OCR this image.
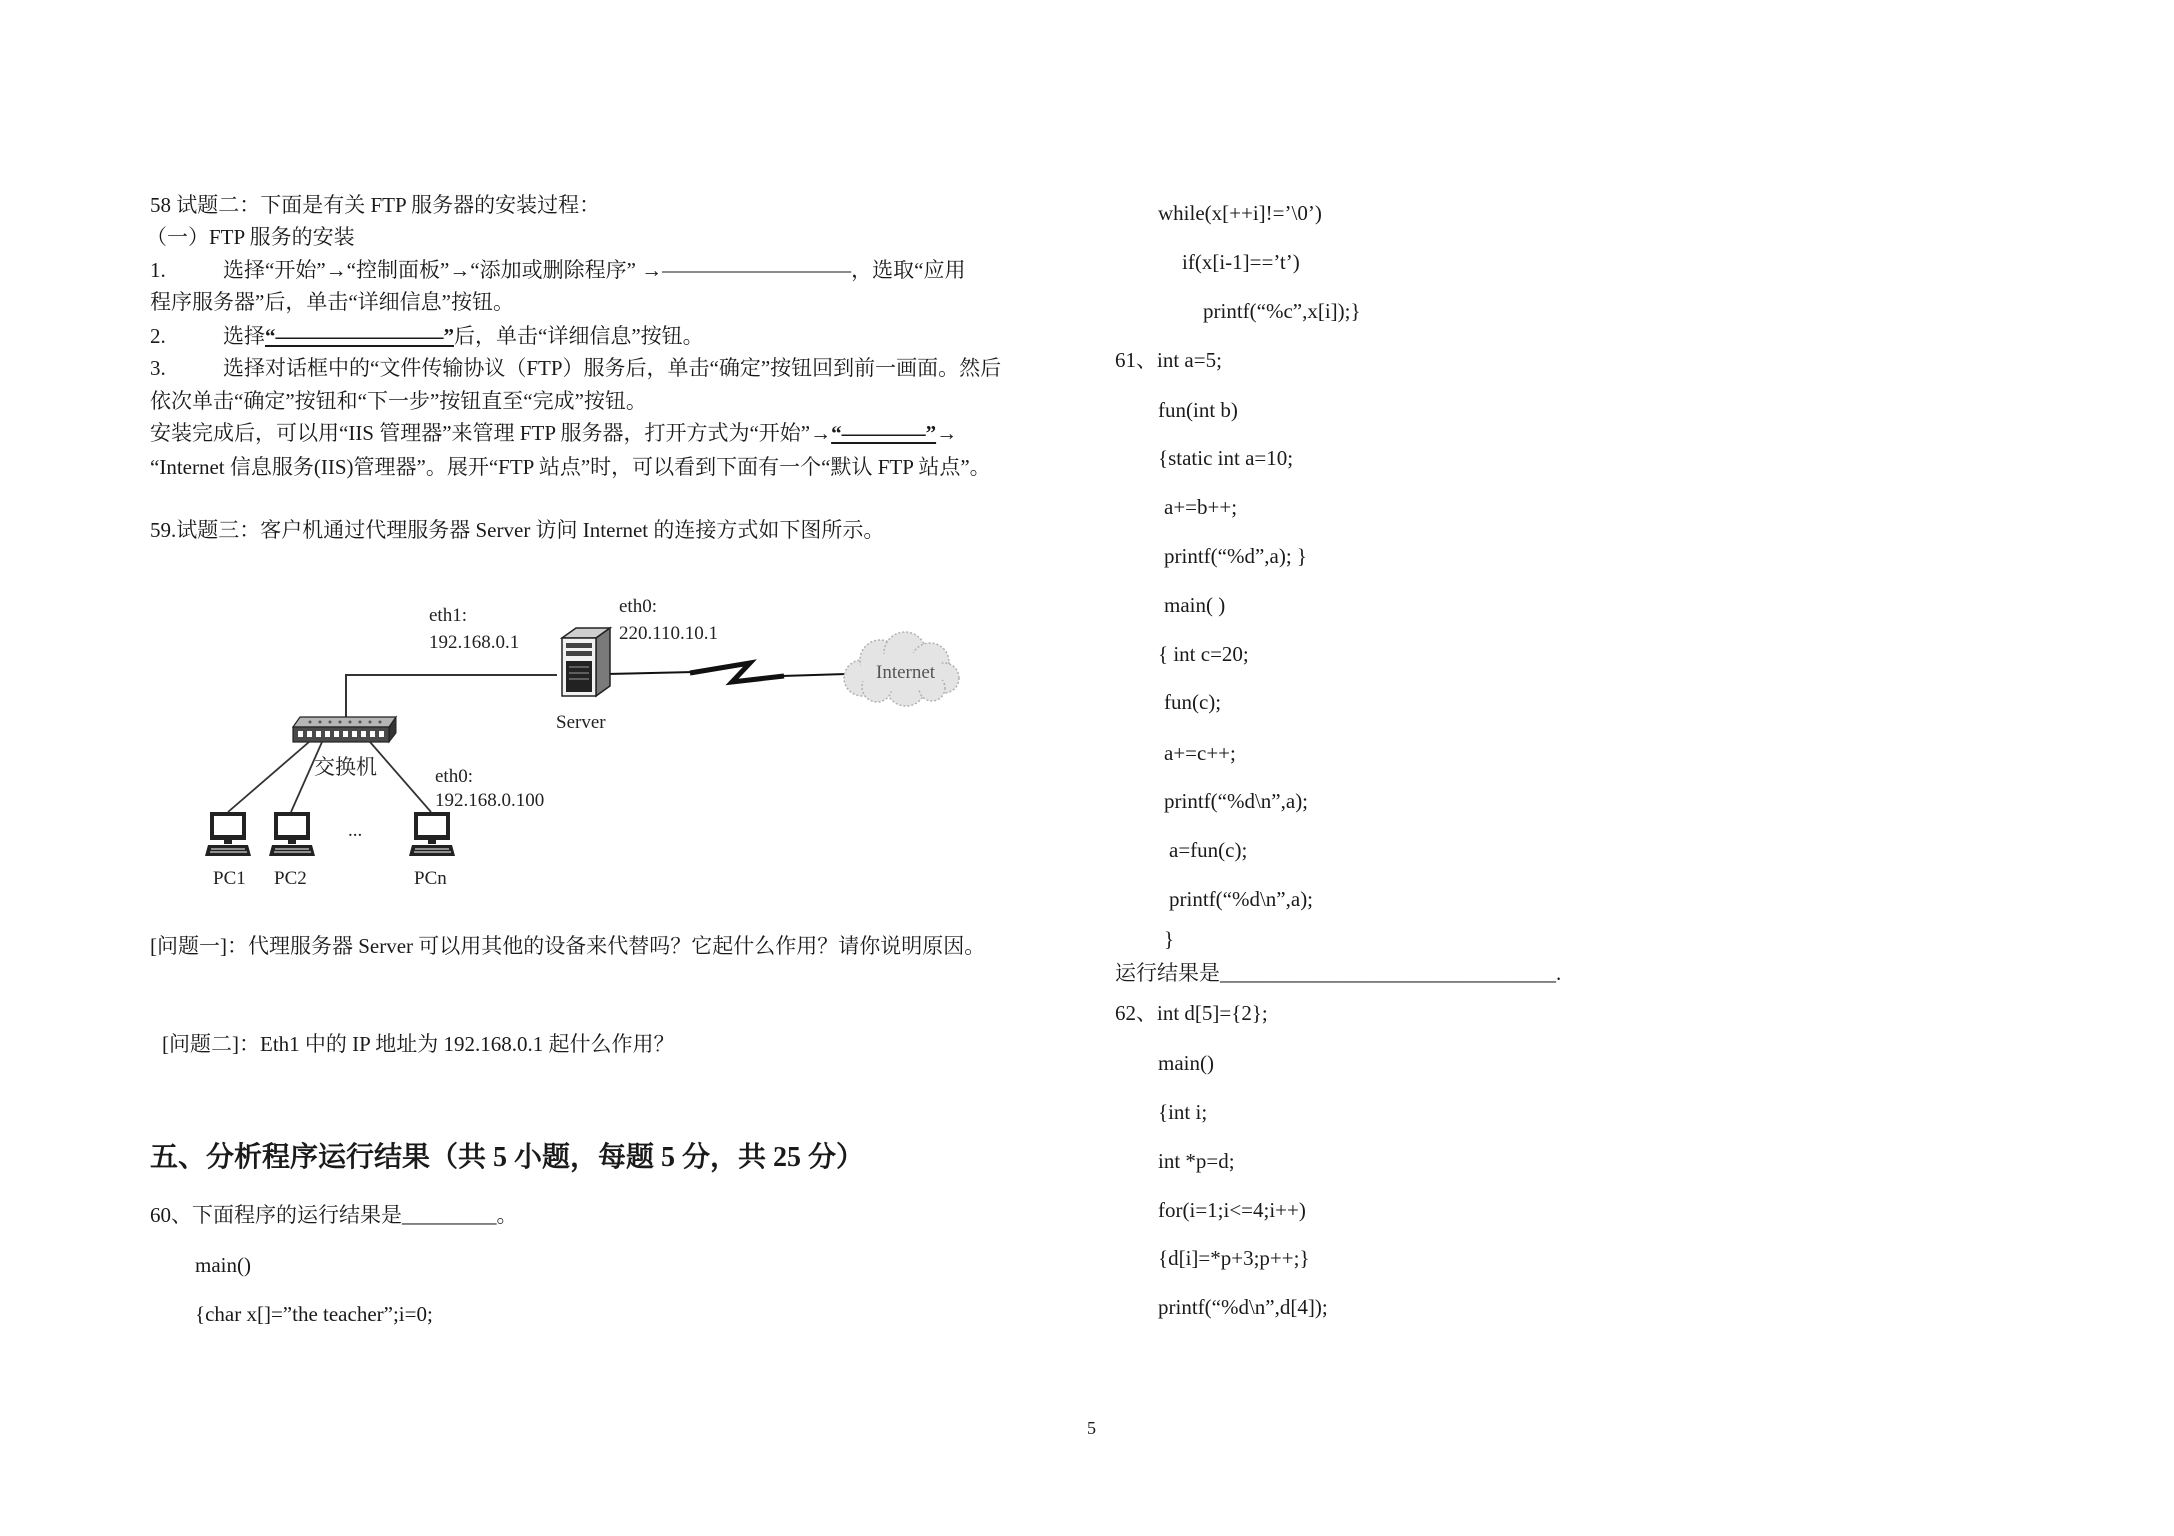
58 试题二：下面是有关 FTP 服务器的安装过程：
（一）FTP 服务的安装
1.	选择“开始”→“控制面板”→“添加或删除程序” →—————————，选取“应用
程序服务器”后，单击“详细信息”按钮。
2.	选择“————————”后，单击“详细信息”按钮。
3.	选择对话框中的“文件传输协议（FTP）服务后，单击“确定”按钮回到前一画面。然后
依次单击“确定”按钮和“下一步”按钮直至“完成”按钮。
安装完成后，可以用“IIS 管理器”来管理 FTP 服务器，打开方式为“开始”→“————”→
“Internet 信息服务(IIS)管理器”。展开“FTP 站点”时，可以看到下面有一个“默认 FTP 站点”。
59.试题三：客户机通过代理服务器 Server 访问 Internet 的连接方式如下图所示。
Internet
eth1:
192.168.0.1
eth0:
220.110.10.1
Server
交换机	eth0:
192.168.0.100
...
PC1 PC2	PCn
[问题一]：代理服务器 Server 可以用其他的设备来代替吗？它起什么作用？请你说明原因。
[问题二]：Eth1 中的 IP 地址为 192.168.0.1 起什么作用？
五、分析程序运行结果（共 5 小题，每题 5 分，共 25 分）
60、下面程序的运行结果是_________。
main()
{char x[]=”the teacher”;i=0;
while(x[++i]!=’\0’)
if(x[i-1]==’t’)
printf(“%c”,x[i]);}
61、int a=5;
fun(int b)
{static int a=10;
a+=b++;
printf(“%d”,a); }
main( )
{ int c=20;
fun(c);
a+=c++;
printf(“%d\n”,a);
a=fun(c);
printf(“%d\n”,a);
}
运行结果是________________________________.
62、int d[5]={2};
main()
{int i;
int *p=d;
for(i=1;i<=4;i++)
{d[i]=*p+3;p++;}
printf(“%d\n”,d[4]);
5
